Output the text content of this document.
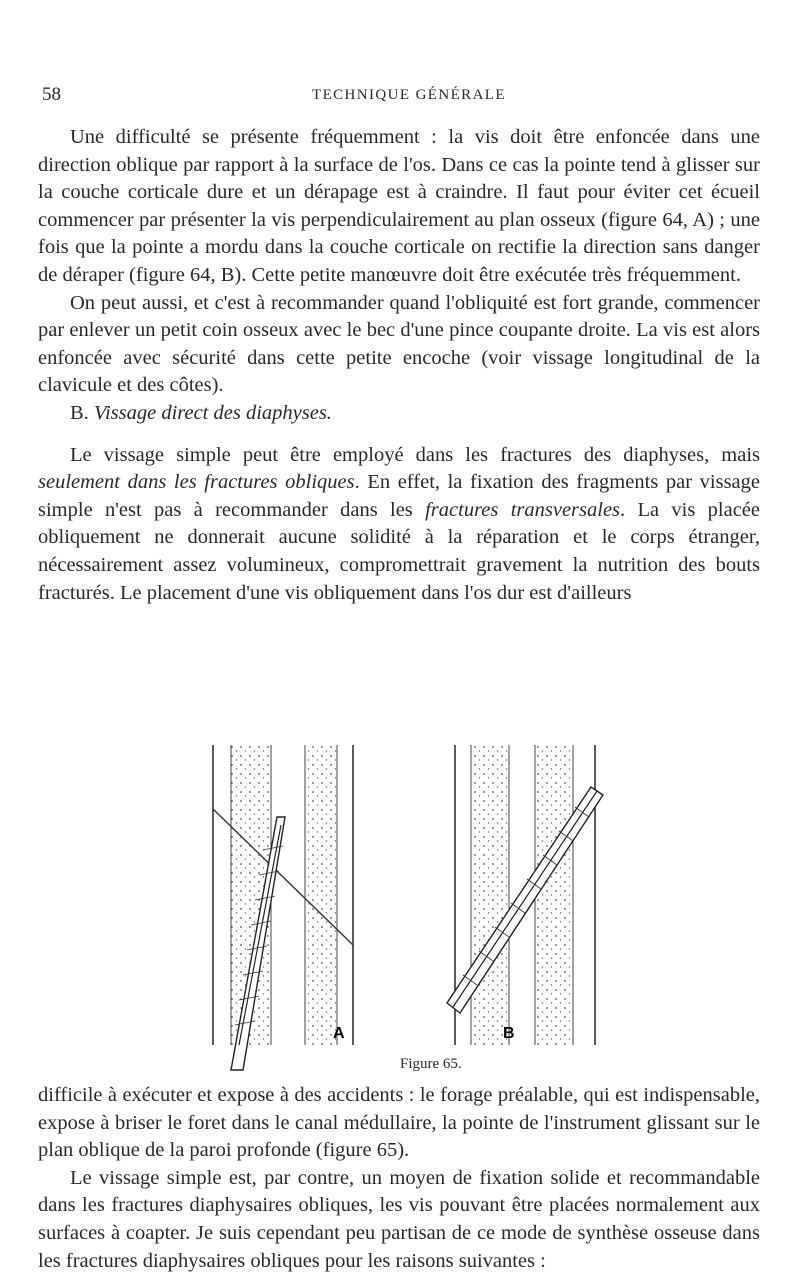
58	TECHNIQUE GÉNÉRALE

Une difficulté se présente fréquemment : la vis doit être enfoncée dans une direction oblique par rapport à la surface de l'os. Dans ce cas la pointe tend à glisser sur la couche corticale dure et un dérapage est à craindre. Il faut pour éviter cet écueil commencer par présenter la vis perpendiculairement au plan osseux (figure 64, A) ; une fois que la pointe a mordu dans la couche corticale on rectifie la direction sans danger de déraper (figure 64, B). Cette petite manœuvre doit être exécutée très fréquemment.

On peut aussi, et c'est à recommander quand l'obliquité est fort grande, commencer par enlever un petit coin osseux avec le bec d'une pince coupante droite. La vis est alors enfoncée avec sécurité dans cette petite encoche (voir vissage longitudinal de la clavicule et des côtes).

B. Vissage direct des diaphyses.

Le vissage simple peut être employé dans les fractures des diaphyses, mais seulement dans les fractures obliques. En effet, la fixation des fragments par vissage simple n'est pas à recommander dans les fractures transversales. La vis placée obliquement ne donnerait aucune solidité à la réparation et le corps étranger, nécessairement assez volumineux, compromettrait gravement la nutrition des bouts fracturés. Le placement d'une vis obliquement dans l'os dur est d'ailleurs

A	B
Figure 65.

difficile à exécuter et expose à des accidents : le forage préalable, qui est indispensable, expose à briser le foret dans le canal médullaire, la pointe de l'instrument glissant sur le plan oblique de la paroi profonde (figure 65).

Le vissage simple est, par contre, un moyen de fixation solide et recommandable dans les fractures diaphysaires obliques, les vis pouvant être placées normalement aux surfaces à coapter. Je suis cependant peu partisan de ce mode de synthèse osseuse dans les fractures diaphysaires obliques pour les raisons suivantes :
